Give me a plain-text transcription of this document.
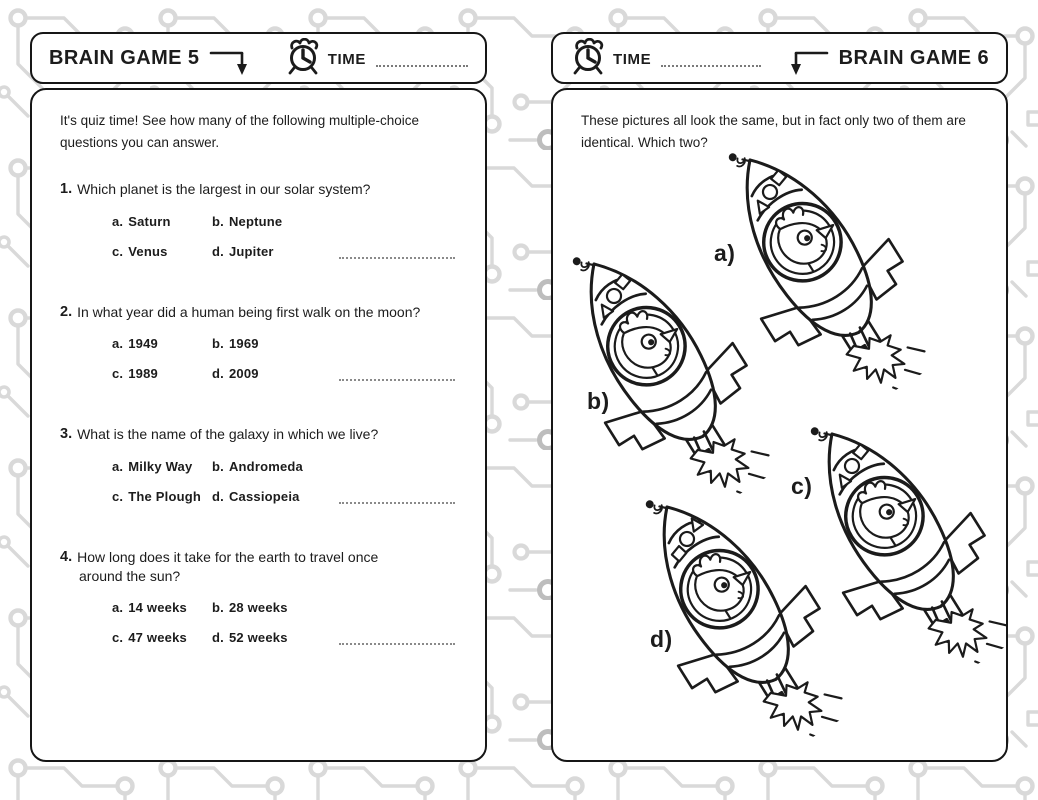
BRAIN GAME 5	TIME	TIME	BRAIN GAME 6
It's quiz time! See how many of the following multiple-choice
questions you can answer.
1. Which planet is the largest in our solar system?
a. Saturn	b. Neptune
c. Venus	d. Jupiter
2. In what year did a human being first walk on the moon?
a. 1949	b. 1969
c. 1989	d. 2009
3. What is the name of the galaxy in which we live?
a. Milky Way	b. Andromeda
c. The Plough d. Cassiopeia
4. How long does it take for the earth to travel once
around the sun?
a. 14 weeks	b. 28 weeks
c. 47 weeks	d. 52 weeks
These pictures all look the same, but in fact only two of them are
identical. Which two?
a)
b)
c)
d)
